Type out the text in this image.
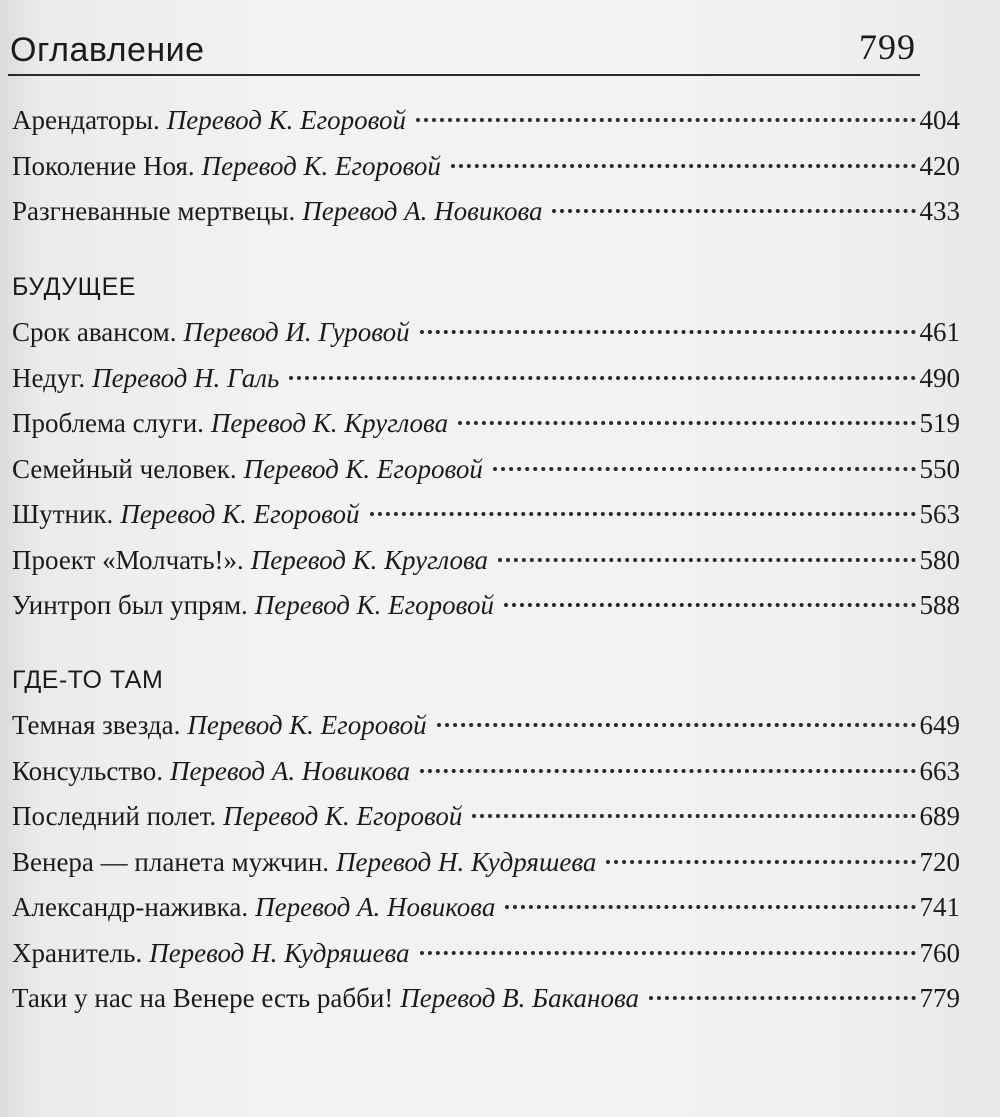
Оглавление	799
Арендаторы. Перевод К. Егоровой	404
Поколение Ноя. Перевод К. Егоровой	420
Разгневанные мертвецы. Перевод А. Новикова	433
БУДУЩЕЕ
Срок авансом. Перевод И. Гуровой	461
Недуг. Перевод Н. Галь	490
Проблема слуги. Перевод К. Круглова	519
Семейный человек. Перевод К. Егоровой	550
Шутник. Перевод К. Егоровой	563
Проект «Молчать!». Перевод К. Круглова	580
Уинтроп был упрям. Перевод К. Егоровой	588
ГДЕ-ТО ТАМ
Темная звезда. Перевод К. Егоровой	649
Консульство. Перевод А. Новикова	663
Последний полет. Перевод К. Егоровой	689
Венера — планета мужчин. Перевод Н. Кудряшева	720
Александр-наживка. Перевод А. Новикова	741
Хранитель. Перевод Н. Кудряшева	760
Таки у нас на Венере есть рабби! Перевод В. Баканова	779
